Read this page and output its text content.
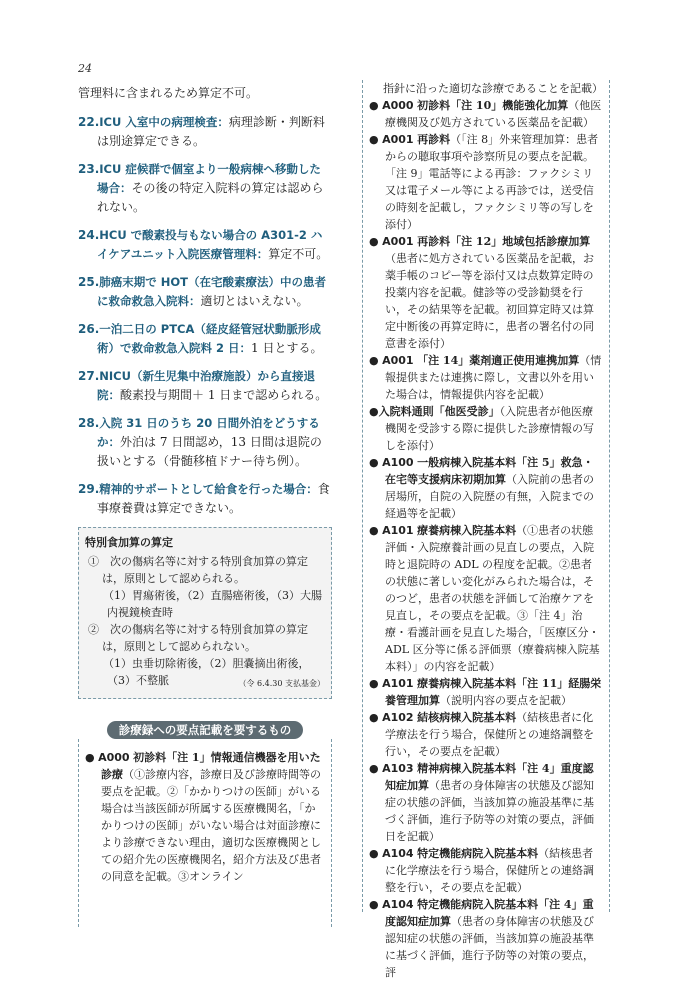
24

管理料に含まれるため算定不可。

22.ICU 入室中の病理検査：病理診断・判断料は別途算定できる。

23.ICU 症候群で個室より一般病棟へ移動した場合：その後の特定入院料の算定は認められない。

24.HCU で酸素投与もない場合の A301-2 ハイケアユニット入院医療管理料：算定不可。

25.肺癌末期で HOT（在宅酸素療法）中の患者に救命救急入院料：適切とはいえない。

26.一泊二日の PTCA（経皮経管冠状動脈形成術）で救命救急入院料 2 日：1 日とする。

27.NICU（新生児集中治療施設）から直接退院：酸素投与期間＋ 1 日まで認められる。

28.入院 31 日のうち 20 日間外泊をどうするか：外泊は 7 日間認め，13 日間は退院の扱いとする（骨髄移植ドナー待ち例）。

29.精神的サポートとして給食を行った場合：食事療養費は算定できない。

特別食加算の算定
①　次の傷病名等に対する特別食加算の算定は，原則として認められる。
（1）胃瘍術後，（2）直腸癌術後，（3）大腸内視鏡検査時
②　次の傷病名等に対する特別食加算の算定は，原則として認められない。
（1）虫垂切除術後，（2）胆嚢摘出術後，（3）不整脈	（令 6.4.30 支払基金）
診療録への要点記載を要するもの

● A000 初診料「注 1」情報通信機器を用いた診療（①診療内容，診療日及び診療時間等の要点を記載。②「かかりつけの医師」がいる場合は当該医師が所属する医療機関名，「かかりつけの医師」がいない場合は対面診療により診療できない理由，適切な医療機関としての紹介先の医療機関名，紹介方法及び患者の同意を記載。③オンライン

指針に沿った適切な診療であることを記載）

● A000 初診料「注 10」機能強化加算（他医療機関及び処方されている医薬品を記載）

● A001 再診料（「注 8」外来管理加算：患者からの聴取事項や診察所見の要点を記載。「注 9」電話等による再診：ファクシミリ又は電子メール等による再診では，送受信の時刻を記載し，ファクシミリ等の写しを添付）

● A001 再診料「注 12」地域包括診療加算（患者に処方されている医薬品を記載，お薬手帳のコピー等を添付又は点数算定時の投薬内容を記載。健診等の受診勧奨を行い，その結果等を記載。初回算定時又は算定中断後の再算定時に，患者の署名付の同意書を添付）

● A001 「注 14」薬剤適正使用連携加算（情報提供または連携に際し，文書以外を用いた場合は，情報提供内容を記載）

●入院料通則「他医受診」（入院患者が他医療機関を受診する際に提供した診療情報の写しを添付）

● A100 一般病棟入院基本料「注 5」救急・在宅等支援病床初期加算（入院前の患者の居場所，自院の入院歴の有無，入院までの経過等を記載）

● A101 療養病棟入院基本料（①患者の状態評価・入院療養計画の見直しの要点，入院時と退院時の ADL の程度を記載。②患者の状態に著しい変化がみられた場合は，そのつど，患者の状態を評価して治療ケアを見直し，その要点を記載。③「注 4」治療・看護計画を見直した場合，「医療区分・ADL 区分等に係る評価票（療養病棟入院基本料）」の内容を記載）

● A101 療養病棟入院基本料「注 11」経腸栄養管理加算（説明内容の要点を記載）

● A102 結核病棟入院基本料（結核患者に化学療法を行う場合，保健所との連絡調整を行い，その要点を記載）

● A103 精神病棟入院基本料「注 4」重度認知症加算（患者の身体障害の状態及び認知症の状態の評価，当該加算の施設基準に基づく評価，進行予防等の対策の要点，評価日を記載）

● A104 特定機能病院入院基本料（結核患者に化学療法を行う場合，保健所との連絡調整を行い，その要点を記載）

● A104 特定機能病院入院基本料「注 4」重度認知症加算（患者の身体障害の状態及び認知症の状態の評価，当該加算の施設基準に基づく評価，進行予防等の対策の要点，評
